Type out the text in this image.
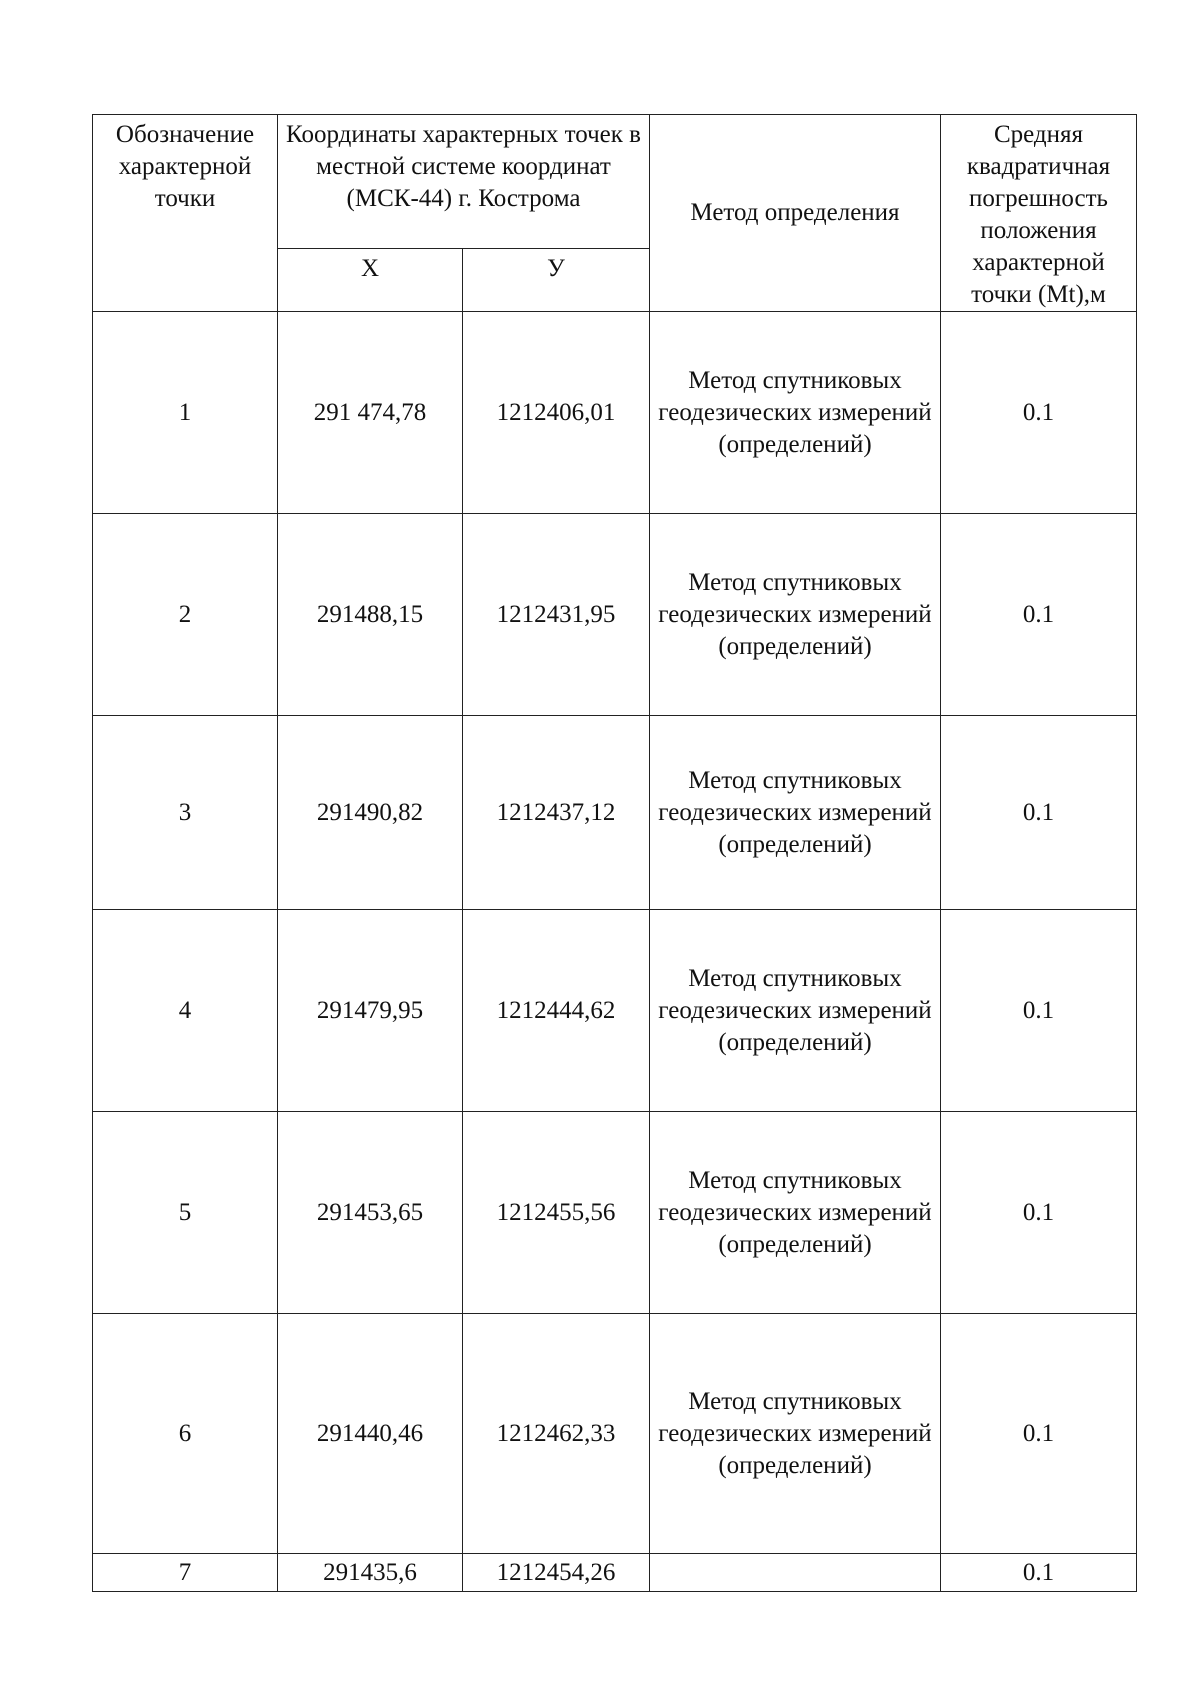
Обозначение характерной точки	Координаты характерных точек в местной системе координат (МСК-44) г. Кострома		Метод определения	Средняя квадратичная погрешность положения характерной точки (Mt),м
	Х	У		
1	291 474,78	1212406,01	Метод спутниковых геодезических измерений (определений)	0.1
2	291488,15	1212431,95	Метод спутниковых геодезических измерений (определений)	0.1
3	291490,82	1212437,12	Метод спутниковых геодезических измерений (определений)	0.1
4	291479,95	1212444,62	Метод спутниковых геодезических измерений (определений)	0.1
5	291453,65	1212455,56	Метод спутниковых геодезических измерений (определений)	0.1
6	291440,46	1212462,33	Метод спутниковых геодезических измерений (определений)	0.1
7	291435,6	1212454,26		0.1
